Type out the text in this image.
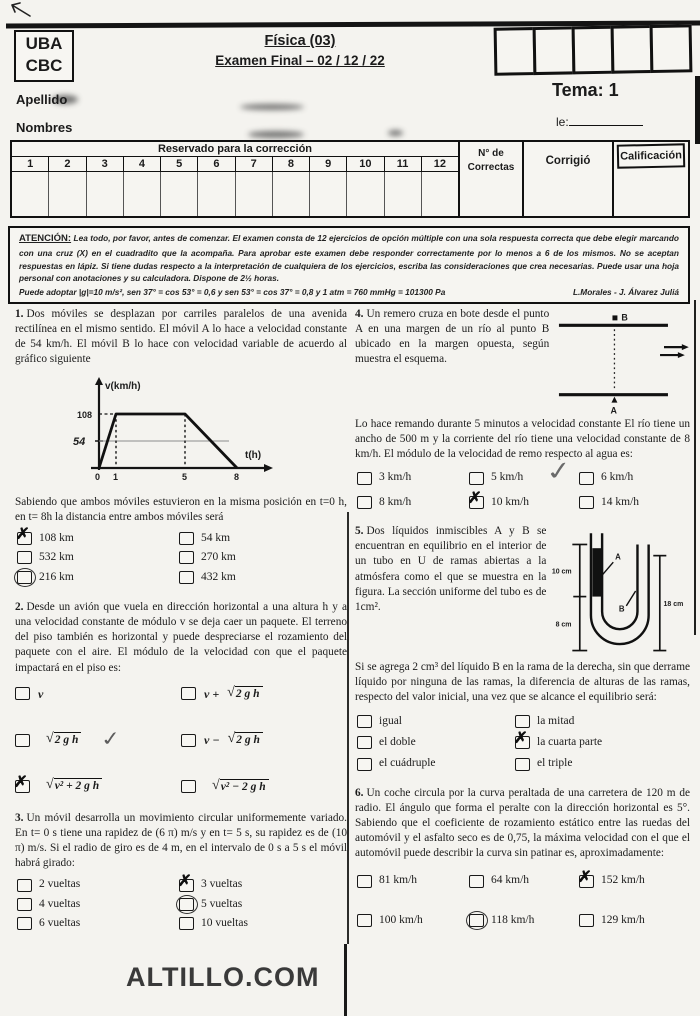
UBA
CBC
Física (03)
Examen Final – 02 / 12 / 22
Tema: 1
Apellido
Nombres	le:
Reservado para la corrección
1	2	3	4	5	6	7	8	9	10	11	12
N° de
Correctas	Corrigió	Calificación
ATENCIÓN: Lea todo, por favor, antes de comenzar. El examen consta de 12 ejercicios de opción múltiple con una sola respuesta correcta que debe elegir marcando con una cruz (X) en el cuadradito que la acompaña. Para aprobar este examen debe responder correctamente por lo menos a 6 de los mismos. No se aceptan respuestas en lápiz. Si tiene dudas respecto a la interpretación de cualquiera de los ejercicios, escriba las consideraciones que crea necesarias. Puede usar una hoja personal con anotaciones y su calculadora. Dispone de 2½ horas.
Puede adoptar |g|=10 m/s², sen 37° = cos 53° = 0,6 y sen 53° = cos 37° = 0,8 y 1 atm = 760 mmHg = 101300 Pa	L.Morales - J. Álvarez Juliá

1. Dos móviles se desplazan por carriles paralelos de una avenida rectilínea en el mismo sentido. El móvil A lo hace a velocidad constante de 54 km/h. El móvil B lo hace con velocidad variable de acuerdo al gráfico siguiente

v(km/h)
108
54
t(h)
0 1	5	8

Sabiendo que ambos móviles estuvieron en la misma posición en t=0 h, en t= 8h la distancia entre ambos móviles será

✗ 108 km
532 km
216 km
54 km
270 km
432 km

2. Desde un avión que vuela en dirección horizontal a una altura h y a una velocidad constante de módulo v se deja caer un paquete. El terreno del piso también es horizontal y puede despreciarse el rozamiento del paquete con el aire. El módulo de la velocidad con que el paquete impactará en el piso es:

v
√ 2 g h ✓
✗ √ v² + 2 g h
v + √ 2 g h
v − √ 2 g h
√ v² − 2 g h

3. Un móvil desarrolla un movimiento circular uniformemente variado. En t= 0 s tiene una rapidez de (6 π) m/s y en t= 5 s, su rapidez es de (10 π) m/s. Si el radio de giro es de 4 m, en el intervalo de 0 s a 5 s el móvil habrá girado:

2 vueltas
4 vueltas
6 vueltas
✗ 3 vueltas
5 vueltas
10 vueltas

4. Un remero cruza en bote desde el punto A en una margen de un río al punto B ubicado en la margen opuesta, según muestra el esquema.

B
A

Lo hace remando durante 5 minutos a velocidad constante El río tiene un ancho de 500 m y la corriente del río tiene una velocidad constante de 8 km/h. El módulo de la velocidad de remo respecto al agua es:

3 km/h
8 km/h
5 km/h
✗ 10 km/h
✓ 6 km/h
14 km/h

5. Dos líquidos inmiscibles A y B se encuentran en equilibrio en el interior de un tubo en U de ramas abiertas a la atmósfera como el que se muestra en la figura. La sección uniforme del tubo es de 1cm².

10 cm
8 cm
18 cm
A
B

Si se agrega 2 cm³ del líquido B en la rama de la derecha, sin que derrame líquido por ninguna de las ramas, la diferencia de alturas de las ramas, respecto del valor inicial, una vez que se alcance el equilibrio será:

igual
el doble
el cuádruple
la mitad
✗ la cuarta parte
el triple

6. Un coche circula por la curva peraltada de una carretera de 120 m de radio. El ángulo que forma el peralte con la dirección horizontal es 5°. Sabiendo que el coeficiente de rozamiento estático entre las ruedas del automóvil y el asfalto seco es de 0,75, la máxima velocidad con el que el automóvil puede describir la curva sin patinar es, aproximadamente:

81 km/h
100 km/h
64 km/h
118 km/h
✗ 152 km/h
129 km/h
ALTILLO.COM
